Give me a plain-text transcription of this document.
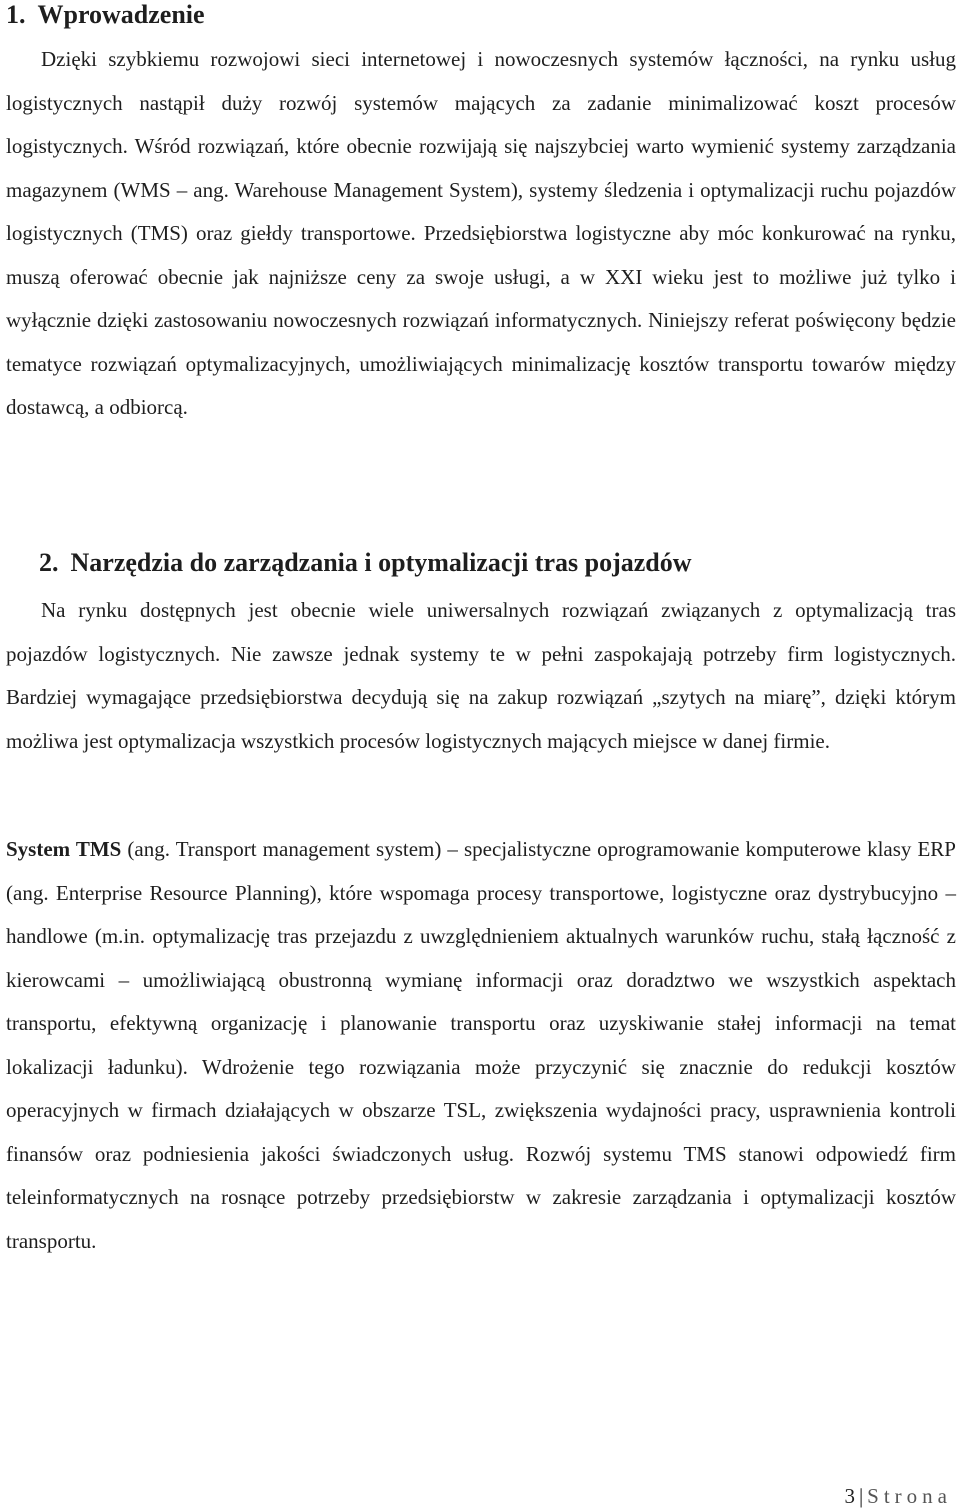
1. Wprowadzenie

Dzięki szybkiemu rozwojowi sieci internetowej i nowoczesnych systemów łączności, na rynku usług logistycznych nastąpił duży rozwój systemów mających za zadanie minimalizować koszt procesów logistycznych. Wśród rozwiązań, które obecnie rozwijają się najszybciej warto wymienić systemy zarządzania magazynem (WMS – ang. Warehouse Management System), systemy śledzenia i optymalizacji ruchu pojazdów logistycznych (TMS) oraz giełdy transportowe. Przedsiębiorstwa logistyczne aby móc konkurować na rynku, muszą oferować obecnie jak najniższe ceny za swoje usługi, a w XXI wieku jest to możliwe już tylko i wyłącznie dzięki zastosowaniu nowoczesnych rozwiązań informatycznych. Niniejszy referat poświęcony będzie tematyce rozwiązań optymalizacyjnych, umożliwiających minimalizację kosztów transportu towarów między dostawcą, a odbiorcą.

2. Narzędzia do zarządzania i optymalizacji tras pojazdów

Na rynku dostępnych jest obecnie wiele uniwersalnych rozwiązań związanych z optymalizacją tras pojazdów logistycznych. Nie zawsze jednak systemy te w pełni zaspokajają potrzeby firm logistycznych. Bardziej wymagające przedsiębiorstwa decydują się na zakup rozwiązań „szytych na miarę”, dzięki którym możliwa jest optymalizacja wszystkich procesów logistycznych mających miejsce w danej firmie.

System TMS (ang. Transport management system) – specjalistyczne oprogramowanie komputerowe klasy ERP (ang. Enterprise Resource Planning), które wspomaga procesy transportowe, logistyczne oraz dystrybucyjno – handlowe (m.in. optymalizację tras przejazdu z uwzględnieniem aktualnych warunków ruchu, stałą łączność z kierowcami – umożliwiającą obustronną wymianę informacji oraz doradztwo we wszystkich aspektach transportu, efektywną organizację i planowanie transportu oraz uzyskiwanie stałej informacji na temat lokalizacji ładunku). Wdrożenie tego rozwiązania może przyczynić się znacznie do redukcji kosztów operacyjnych w firmach działających w obszarze TSL, zwiększenia wydajności pracy, usprawnienia kontroli finansów oraz podniesienia jakości świadczonych usług. Rozwój systemu TMS stanowi odpowiedź firm teleinformatycznych na rosnące potrzeby przedsiębiorstw w zakresie zarządzania i optymalizacji kosztów transportu.

3 | Strona
